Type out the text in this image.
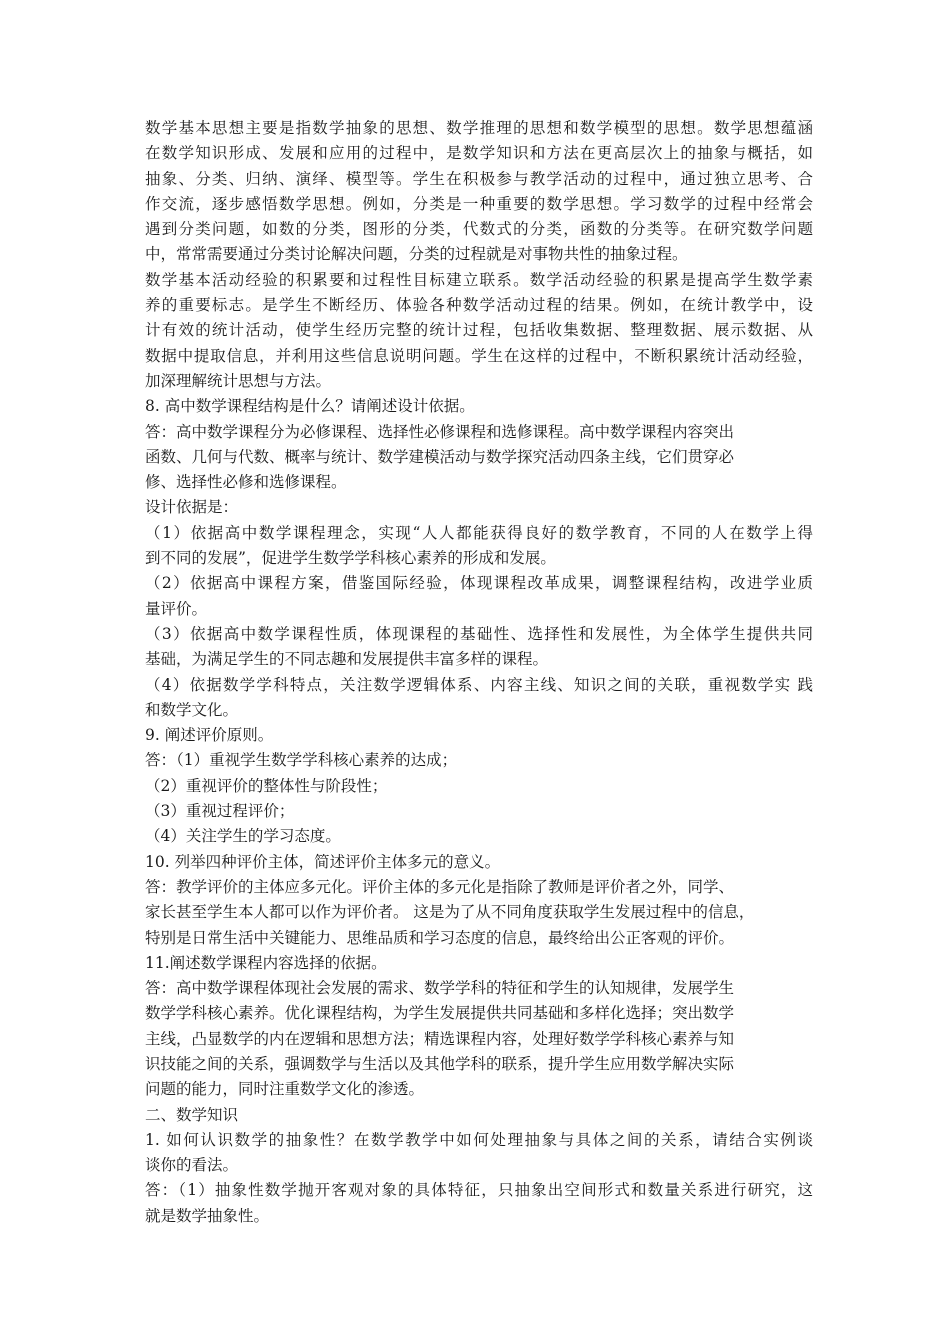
数学基本思想主要是指数学抽象的思想、数学推理的思想和数学模型的思想。数学思想蕴涵
在数学知识形成、发展和应用的过程中，是数学知识和方法在更高层次上的抽象与概括，如
抽象、分类、归纳、演绎、模型等。学生在积极参与教学活动的过程中，通过独立思考、合
作交流，逐步感悟数学思想。例如，分类是一种重要的数学思想。学习数学的过程中经常会
遇到分类问题，如数的分类，图形的分类，代数式的分类，函数的分类等。在研究数学问题
中，常常需要通过分类讨论解决问题，分类的过程就是对事物共性的抽象过程。
数学基本活动经验的积累要和过程性目标建立联系。数学活动经验的积累是提高学生数学素
养的重要标志。是学生不断经历、体验各种数学活动过程的结果。例如，在统计教学中，设
计有效的统计活动，使学生经历完整的统计过程，包括收集数据、整理数据、展示数据、从
数据中提取信息，并利用这些信息说明问题。学生在这样的过程中，不断积累统计活动经验，
加深理解统计思想与方法。
8. 高中数学课程结构是什么？请阐述设计依据。
答：高中数学课程分为必修课程、选择性必修课程和选修课程。高中数学课程内容突出
函数、几何与代数、概率与统计、数学建模活动与数学探究活动四条主线，它们贯穿必
修、选择性必修和选修课程。
设计依据是：
（1）依据高中数学课程理念，实现“人人都能获得良好的数学教育，不同的人在数学上得
到不同的发展”，促进学生数学学科核心素养的形成和发展。
（2）依据高中课程方案，借鉴国际经验，体现课程改革成果，调整课程结构，改进学业质
量评价。
（3）依据高中数学课程性质，体现课程的基础性、选择性和发展性，为全体学生提供共同
基础，为满足学生的不同志趣和发展提供丰富多样的课程。
（4）依据数学学科特点，关注数学逻辑体系、内容主线、知识之间的关联，重视数学实 践
和数学文化。
9. 阐述评价原则。
答：（1）重视学生数学学科核心素养的达成；
（2）重视评价的整体性与阶段性；
（3）重视过程评价；
（4）关注学生的学习态度。
10. 列举四种评价主体，简述评价主体多元的意义。
答：教学评价的主体应多元化。评价主体的多元化是指除了教师是评价者之外，同学、
家长甚至学生本人都可以作为评价者。 这是为了从不同角度获取学生发展过程中的信息，
特别是日常生活中关键能力、思维品质和学习态度的信息，最终给出公正客观的评价。
11.阐述数学课程内容选择的依据。
答：高中数学课程体现社会发展的需求、数学学科的特征和学生的认知规律，发展学生
数学学科核心素养。优化课程结构，为学生发展提供共同基础和多样化选择；突出数学
主线，凸显数学的内在逻辑和思想方法；精选课程内容，处理好数学学科核心素养与知
识技能之间的关系，强调数学与生活以及其他学科的联系，提升学生应用数学解决实际
问题的能力，同时注重数学文化的渗透。
二、数学知识
1. 如何认识数学的抽象性？在数学教学中如何处理抽象与具体之间的关系，请结合实例谈
谈你的看法。
答：（1）抽象性数学抛开客观对象的具体特征，只抽象出空间形式和数量关系进行研究，这
就是数学抽象性。
